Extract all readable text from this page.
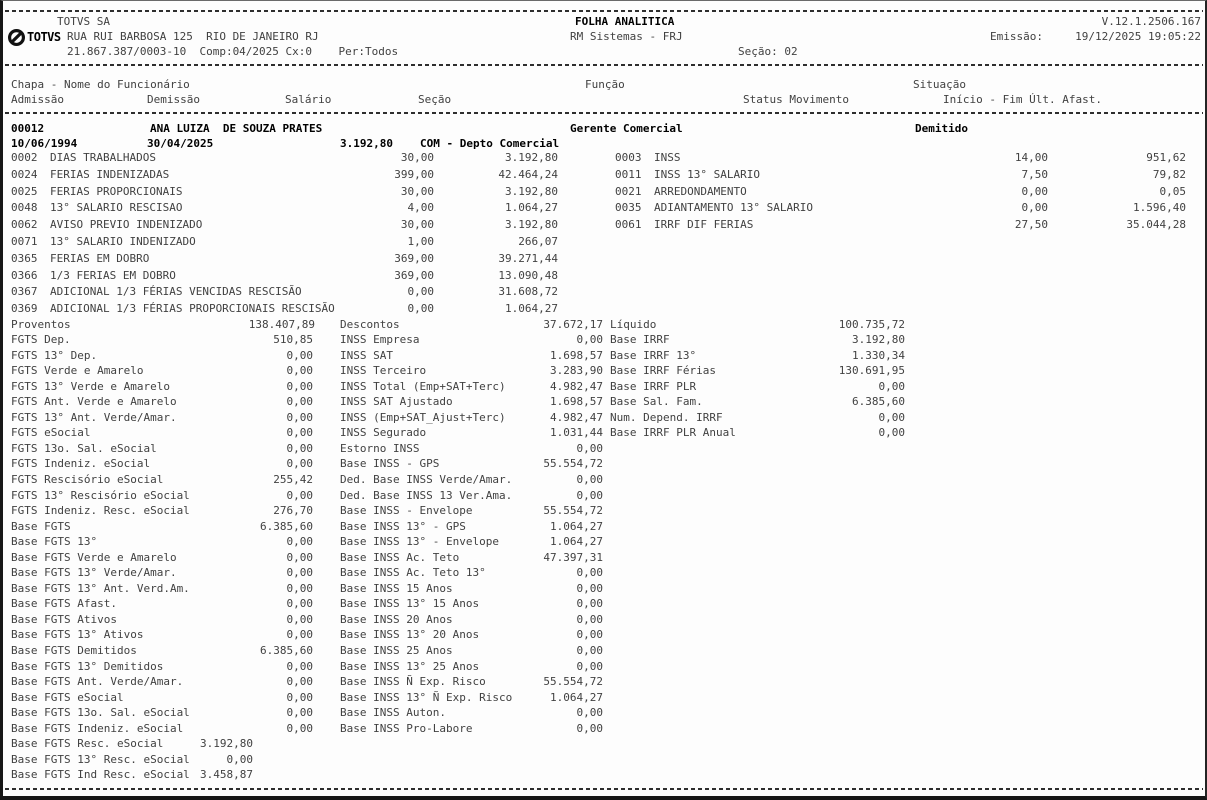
TOTVS SA	FOLHA ANALITICA	V.12.1.2506.167
TOTVS RUA RUI BARBOSA 125  RIO DE JANEIRO RJ	RM Sistemas - FRJ	Emissão:	19/12/2025 19:05:22
21.867.387/0003-10  Comp:04/2025 Cx:0    Per:Todos	Seção: 02
Chapa - Nome do Funcionário	Função	Situação
Admissão	Demissão	Salário	Seção	Status Movimento	Início - Fim Últ. Afast.
00012	ANA LUIZA  DE SOUZA PRATES	Gerente Comercial	Demitido
10/06/1994	30/04/2025	3.192,80 COM - Depto Comercial
0002 DIAS TRABALHADOS	30,00	3.192,80
0024 FERIAS INDENIZADAS	399,00	42.464,24
0025 FERIAS PROPORCIONAIS	30,00	3.192,80
0048 13° SALARIO RESCISAO	4,00	1.064,27
0062 AVISO PREVIO INDENIZADO	30,00	3.192,80
0071 13° SALARIO INDENIZADO	1,00	266,07
0365 FERIAS EM DOBRO	369,00	39.271,44
0366 1/3 FERIAS EM DOBRO	369,00	13.090,48
0367 ADICIONAL 1/3 FÉRIAS VENCIDAS RESCISÃO	0,00	31.608,72
0369 ADICIONAL 1/3 FÉRIAS PROPORCIONAIS RESCISÃO	0,00	1.064,27
0003 INSS	14,00	951,62
0011 INSS 13° SALARIO	7,50	79,82
0021 ARREDONDAMENTO	0,00	0,05
0035 ADIANTAMENTO 13° SALARIO	0,00	1.596,40
0061 IRRF DIF FERIAS	27,50	35.044,28
Proventos	138.407,89 Descontos	37.672,17 Líquido	100.735,72
FGTS Dep.	510,85 INSS Empresa	0,00 Base IRRF	3.192,80
FGTS 13° Dep.	0,00 INSS SAT	1.698,57 Base IRRF 13°	1.330,34
FGTS Verde e Amarelo	0,00 INSS Terceiro	3.283,90 Base IRRF Férias	130.691,95
FGTS 13° Verde e Amarelo	0,00 INSS Total (Emp+SAT+Terc)	4.982,47 Base IRRF PLR	0,00
FGTS Ant. Verde e Amarelo	0,00 INSS SAT Ajustado	1.698,57 Base Sal. Fam.	6.385,60
FGTS 13° Ant. Verde/Amar.	0,00 INSS (Emp+SAT_Ajust+Terc)	4.982,47 Num. Depend. IRRF	0,00
FGTS eSocial	0,00 INSS Segurado	1.031,44 Base IRRF PLR Anual	0,00
FGTS 13o. Sal. eSocial	0,00 Estorno INSS	0,00
FGTS Indeniz. eSocial	0,00 Base INSS - GPS	55.554,72
FGTS Rescisório eSocial	255,42 Ded. Base INSS Verde/Amar.	0,00
FGTS 13° Rescisório eSocial	0,00 Ded. Base INSS 13 Ver.Ama.	0,00
FGTS Indeniz. Resc. eSocial	276,70 Base INSS - Envelope	55.554,72
Base FGTS	6.385,60 Base INSS 13° - GPS	1.064,27
Base FGTS 13°	0,00 Base INSS 13° - Envelope	1.064,27
Base FGTS Verde e Amarelo	0,00 Base INSS Ac. Teto	47.397,31
Base FGTS 13° Verde/Amar.	0,00 Base INSS Ac. Teto 13°	0,00
Base FGTS 13° Ant. Verd.Am.	0,00 Base INSS 15 Anos	0,00
Base FGTS Afast.	0,00 Base INSS 13° 15 Anos	0,00
Base FGTS Ativos	0,00 Base INSS 20 Anos	0,00
Base FGTS 13° Ativos	0,00 Base INSS 13° 20 Anos	0,00
Base FGTS Demitidos	6.385,60 Base INSS 25 Anos	0,00
Base FGTS 13° Demitidos	0,00 Base INSS 13° 25 Anos	0,00
Base FGTS Ant. Verde/Amar.	0,00 Base INSS Ñ Exp. Risco	55.554,72
Base FGTS eSocial	0,00 Base INSS 13° Ñ Exp. Risco	1.064,27
Base FGTS 13o. Sal. eSocial	0,00 Base INSS Auton.	0,00
Base FGTS Indeniz. eSocial	0,00 Base INSS Pro-Labore	0,00
Base FGTS Resc. eSocial	3.192,80
Base FGTS 13° Resc. eSocial	0,00
Base FGTS Ind Resc. eSocial 3.458,87
